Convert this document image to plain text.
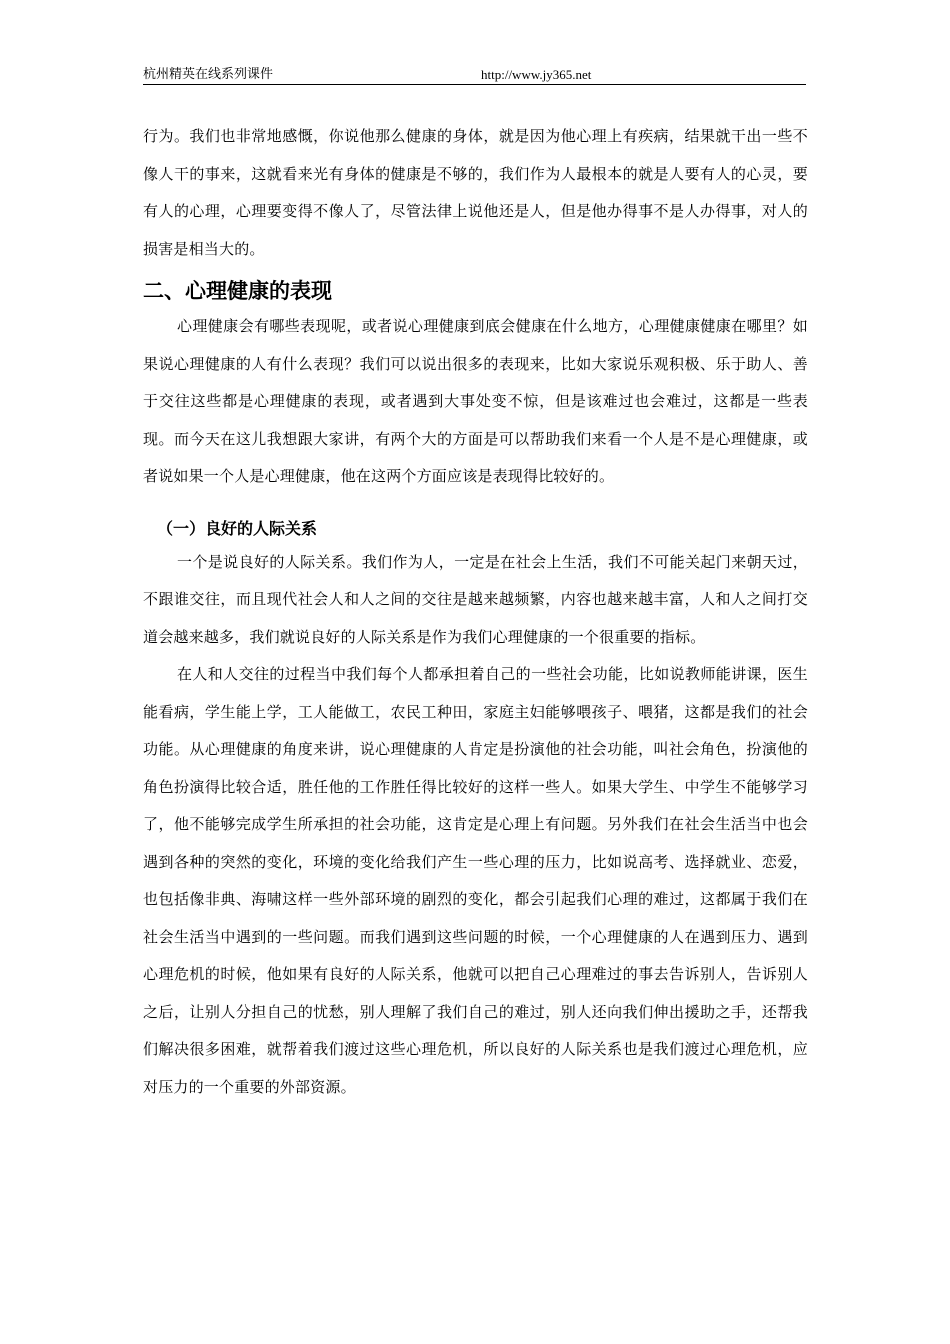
杭州精英在线系列课件	http://www.jy365.net

行为。我们也非常地感慨，你说他那么健康的身体，就是因为他心理上有疾病，结果就干出一些不像人干的事来，这就看来光有身体的健康是不够的，我们作为人最根本的就是人要有人的心灵，要有人的心理，心理要变得不像人了，尽管法律上说他还是人，但是他办得事不是人办得事，对人的损害是相当大的。

二、心理健康的表现

心理健康会有哪些表现呢，或者说心理健康到底会健康在什么地方，心理健康健康在哪里？如果说心理健康的人有什么表现？我们可以说出很多的表现来，比如大家说乐观积极、乐于助人、善于交往这些都是心理健康的表现，或者遇到大事处变不惊，但是该难过也会难过，这都是一些表现。而今天在这儿我想跟大家讲，有两个大的方面是可以帮助我们来看一个人是不是心理健康，或者说如果一个人是心理健康，他在这两个方面应该是表现得比较好的。

（一）良好的人际关系

一个是说良好的人际关系。我们作为人，一定是在社会上生活，我们不可能关起门来朝天过，不跟谁交往，而且现代社会人和人之间的交往是越来越频繁，内容也越来越丰富，人和人之间打交道会越来越多，我们就说良好的人际关系是作为我们心理健康的一个很重要的指标。

在人和人交往的过程当中我们每个人都承担着自己的一些社会功能，比如说教师能讲课，医生能看病，学生能上学，工人能做工，农民工种田，家庭主妇能够喂孩子、喂猪，这都是我们的社会功能。从心理健康的角度来讲，说心理健康的人肯定是扮演他的社会功能，叫社会角色，扮演他的角色扮演得比较合适，胜任他的工作胜任得比较好的这样一些人。如果大学生、中学生不能够学习了，他不能够完成学生所承担的社会功能，这肯定是心理上有问题。另外我们在社会生活当中也会遇到各种的突然的变化，环境的变化给我们产生一些心理的压力，比如说高考、选择就业、恋爱，也包括像非典、海啸这样一些外部环境的剧烈的变化，都会引起我们心理的难过，这都属于我们在社会生活当中遇到的一些问题。而我们遇到这些问题的时候，一个心理健康的人在遇到压力、遇到心理危机的时候，他如果有良好的人际关系，他就可以把自己心理难过的事去告诉别人，告诉别人之后，让别人分担自己的忧愁，别人理解了我们自己的难过，别人还向我们伸出援助之手，还帮我们解决很多困难，就帮着我们渡过这些心理危机，所以良好的人际关系也是我们渡过心理危机，应对压力的一个重要的外部资源。
